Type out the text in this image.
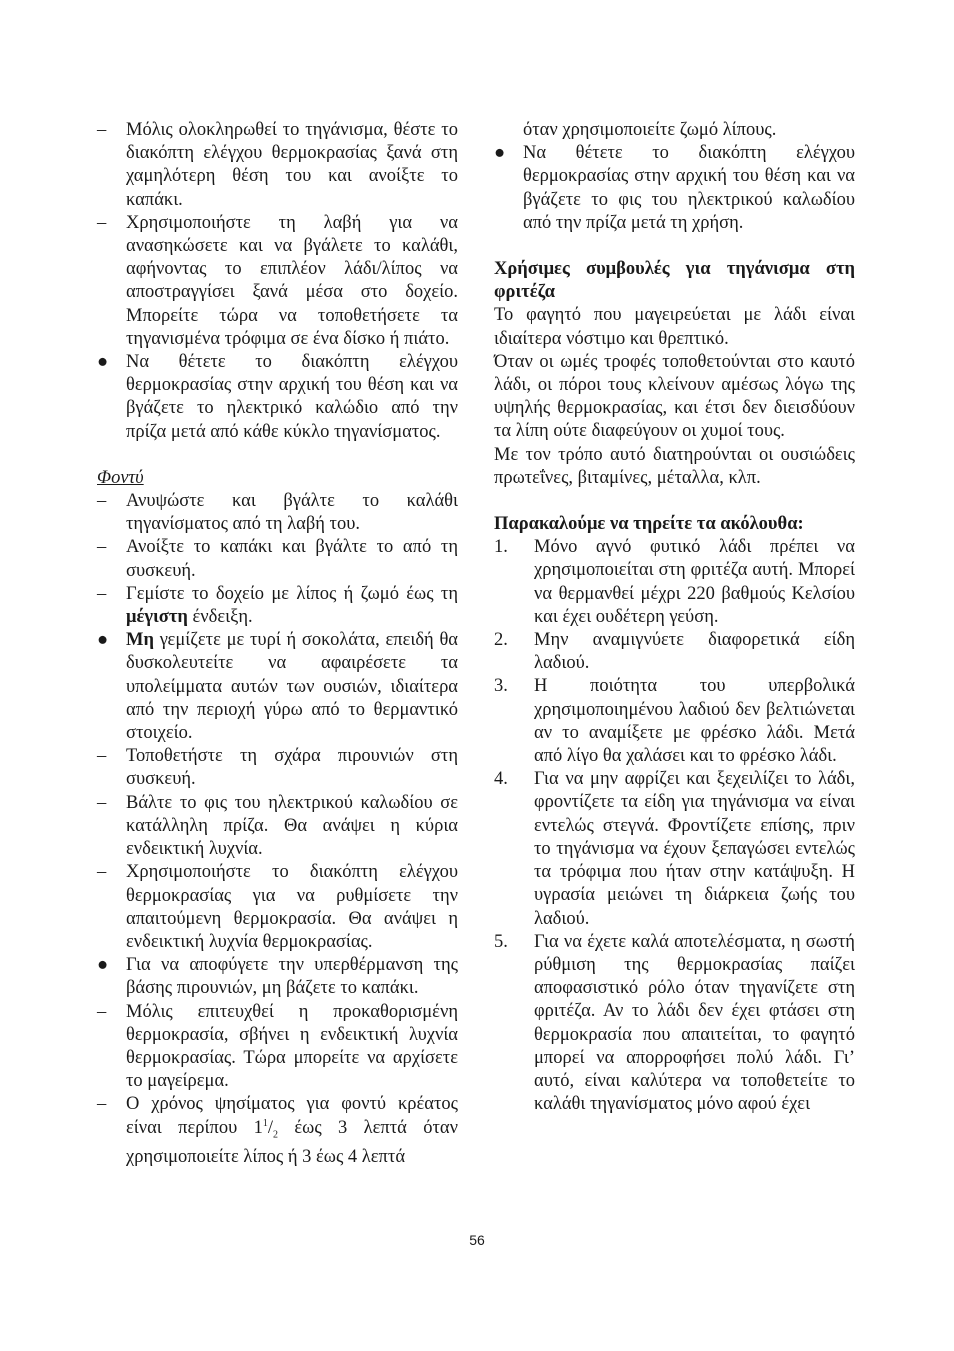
–	Μόλις ολοκληρωθεί το τηγάνισμα, θέστε το διακόπτη ελέγχου θερμοκρασίας ξανά στη χαμηλότερη θέση του και ανοίξτε το καπάκι.
–	Χρησιμοποιήστε τη λαβή για να ανασηκώσετε και να βγάλετε το καλάθι, αφήνοντας το επιπλέον λάδι/λίπος να αποστραγγίσει ξανά μέσα στο δοχείο. Μπορείτε τώρα να τοποθετήσετε τα τηγανισμένα τρόφιμα σε ένα δίσκο ή πιάτο.
● Να θέτετε το διακόπτη ελέγχου θερμοκρασίας στην αρχική του θέση και να βγάζετε το ηλεκτρικό καλώδιο από την πρίζα μετά από κάθε κύκλο τηγανίσματος.
Φοντύ
–	Ανυψώστε και βγάλτε το καλάθι τηγανίσματος από τη λαβή του.
–	Ανοίξτε το καπάκι και βγάλτε το από τη συσκευή.
–	Γεμίστε το δοχείο με λίπος ή ζωμό έως τη μέγιστη ένδειξη.
● Μη γεμίζετε με τυρί ή σοκολάτα, επειδή θα δυσκολευτείτε να αφαιρέσετε τα υπολείμματα αυτών των ουσιών, ιδιαίτερα από την περιοχή γύρω από το θερμαντικό στοιχείο.
–	Τοποθετήστε τη σχάρα πιρουνιών στη συσκευή.
–	Βάλτε το φις του ηλεκτρικού καλωδίου σε κατάλληλη πρίζα. Θα ανάψει η κύρια ενδεικτική λυχνία.
–	Χρησιμοποιήστε το διακόπτη ελέγχου θερμοκρασίας για να ρυθμίσετε την απαιτούμενη θερμοκρασία. Θα ανάψει η ενδεικτική λυχνία θερμοκρασίας.
● Για να αποφύγετε την υπερθέρμανση της βάσης πιρουνιών, μη βάζετε το καπάκι.
–	Μόλις επιτευχθεί η προκαθορισμένη θερμοκρασία, σβήνει η ενδεικτική λυχνία θερμοκρασίας. Τώρα μπορείτε να αρχίσετε το μαγείρεμα.
–	Ο χρόνος ψησίματος για φοντύ κρέατος είναι περίπου $1^1/_2$ έως 3 λεπτά όταν χρησιμοποιείτε λίπος ή 3 έως 4 λεπτά
όταν χρησιμοποιείτε ζωμό λίπους.
● Να θέτετε το διακόπτη ελέγχου θερμοκρασίας στην αρχική του θέση και να βγάζετε το φις του ηλεκτρικού καλωδίου από την πρίζα μετά τη χρήση.
Χρήσιμες συμβουλές για τηγάνισμα στη φριτέζα
Το φαγητό που μαγειρεύεται με λάδι είναι ιδιαίτερα νόστιμο και θρεπτικό.
Όταν οι ωμές τροφές τοποθετούνται στο καυτό λάδι, οι πόροι τους κλείνουν αμέσως λόγω της υψηλής θερμοκρασίας, και έτσι δεν διεισδύουν τα λίπη ούτε διαφεύγουν οι χυμοί τους.
Με τον τρόπο αυτό διατηρούνται οι ουσιώδεις πρωτεΐνες, βιταμίνες, μέταλλα, κλπ.
Παρακαλούμε να τηρείτε τα ακόλουθα:
1. Μόνο αγνό φυτικό λάδι πρέπει να χρησιμοποιείται στη φριτέζα αυτή. Μπορεί να θερμανθεί μέχρι 220 βαθμούς Κελσίου και έχει ουδέτερη γεύση.
2. Μην αναμιγνύετε διαφορετικά είδη λαδιού.
3. Η ποιότητα του υπερβολικά χρησιμοποιημένου λαδιού δεν βελτιώνεται αν το αναμίξετε με φρέσκο λάδι. Μετά από λίγο θα χαλάσει και το φρέσκο λάδι.
4. Για να μην αφρίζει και ξεχειλίζει το λάδι, φροντίζετε τα είδη για τηγάνισμα να είναι εντελώς στεγνά. Φροντίζετε επίσης, πριν το τηγάνισμα να έχουν ξεπαγώσει εντελώς τα τρόφιμα που ήταν στην κατάψυξη. Η υγρασία μειώνει τη διάρκεια ζωής του λαδιού.
5. Για να έχετε καλά αποτελέσματα, η σωστή ρύθμιση της θερμοκρασίας παίζει αποφασιστικό ρόλο όταν τηγανίζετε στη φριτέζα. Αν το λάδι δεν έχει φτάσει στη θερμοκρασία που απαιτείται, το φαγητό μπορεί να απορροφήσει πολύ λάδι. Γι’ αυτό, είναι καλύτερα να τοποθετείτε το καλάθι τηγανίσματος μόνο αφού έχει
56
